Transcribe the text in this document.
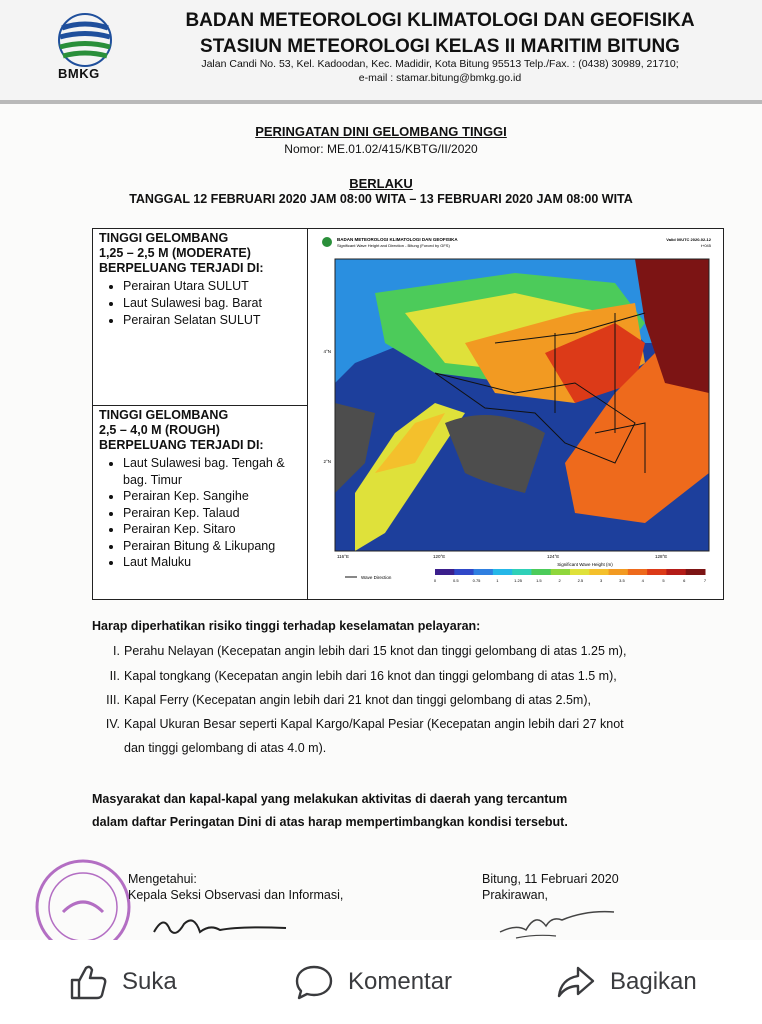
BMKG
BADAN METEOROLOGI KLIMATOLOGI DAN GEOFISIKA
STASIUN METEOROLOGI KELAS II MARITIM BITUNG
Jalan Candi No. 53, Kel. Kadoodan, Kec. Madidir, Kota Bitung 95513 Telp./Fax. : (0438) 30989, 21710;
e-mail : stamar.bitung@bmkg.go.id
PERINGATAN DINI GELOMBANG TINGGI
Nomor: ME.01.02/415/KBTG/II/2020
BERLAKU
TANGGAL 12 FEBRUARI 2020 JAM 08:00 WITA – 13 FEBRUARI 2020 JAM 08:00 WITA
TINGGI GELOMBANG
1,25 – 2,5 M (MODERATE)
BERPELUANG TERJADI DI:
• Perairan Utara SULUT
• Laut Sulawesi bag. Barat
• Perairan Selatan SULUT
TINGGI GELOMBANG
2,5 – 4,0 M (ROUGH)
BERPELUANG TERJADI DI:
• Laut Sulawesi bag. Tengah & bag. Timur
• Perairan Kep. Sangihe
• Perairan Kep. Talaud
• Perairan Kep. Sitaro
• Perairan Bitung & Likupang
• Laut Maluku
BADAN METEOROLOGI KLIMATOLOGI DAN GEOFISIKA
Significant Wave Height and Direction - Bitung (Forced by GFS)
Valid 00UTC 2020-02-12
t+045
4°N
2°N
116°E	120°E	124°E	128°E
Wave Direction
Significant Wave Height (m)
0	0.5	0.75	1	1.25	1.5	2	2.5	3	3.5	4	5	6	7
Harap diperhatikan risiko tinggi terhadap keselamatan pelayaran:
I. Perahu Nelayan (Kecepatan angin lebih dari 15 knot dan tinggi gelombang di atas 1.25 m),
II. Kapal tongkang (Kecepatan angin lebih dari 16 knot dan tinggi gelombang di atas 1.5 m),
III. Kapal Ferry (Kecepatan angin lebih dari 21 knot dan tinggi gelombang di atas 2.5m),
IV. Kapal Ukuran Besar seperti Kapal Kargo/Kapal Pesiar (Kecepatan angin lebih dari 27 knot
dan tinggi gelombang di atas 4.0 m).
Masyarakat dan kapal-kapal yang melakukan aktivitas di daerah yang tercantum
dalam daftar Peringatan Dini di atas harap mempertimbangkan kondisi tersebut.
Mengetahui:
Kepala Seksi Observasi dan Informasi,
Bitung, 11 Februari 2020
Prakirawan,
Suka	Komentar	Bagikan
